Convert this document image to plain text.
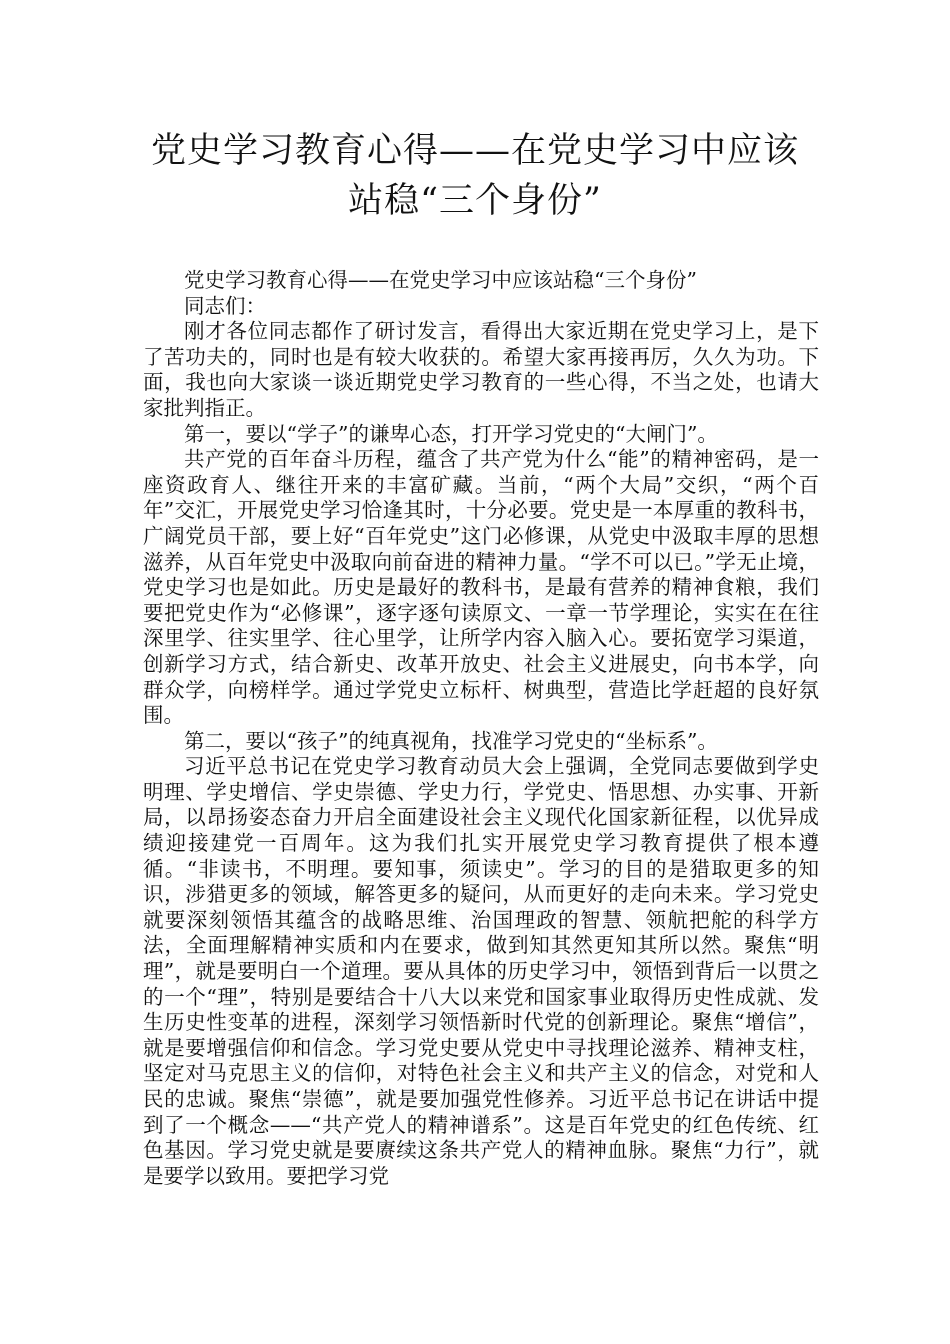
党史学习教育心得——在党史学习中应该
站稳“三个身份”

党史学习教育心得——在党史学习中应该站稳“三个身份”

同志们：

刚才各位同志都作了研讨发言，看得出大家近期在党史学习上，是下了苦功夫的，同时也是有较大收获的。希望大家再接再厉，久久为功。下面，我也向大家谈一谈近期党史学习教育的一些心得，不当之处，也请大家批判指正。

第一，要以“学子”的谦卑心态，打开学习党史的“大闸门”。

共产党的百年奋斗历程，蕴含了共产党为什么“能”的精神密码，是一座资政育人、继往开来的丰富矿藏。当前，“两个大局”交织，“两个百年”交汇，开展党史学习恰逢其时，十分必要。党史是一本厚重的教科书，广阔党员干部，要上好“百年党史”这门必修课，从党史中汲取丰厚的思想滋养，从百年党史中汲取向前奋进的精神力量。“学不可以已。”学无止境，党史学习也是如此。历史是最好的教科书，是最有营养的精神食粮，我们要把党史作为“必修课”，逐字逐句读原文、一章一节学理论，实实在在往深里学、往实里学、往心里学，让所学内容入脑入心。要拓宽学习渠道，创新学习方式，结合新史、改革开放史、社会主义进展史，向书本学，向群众学，向榜样学。通过学党史立标杆、树典型，营造比学赶超的良好氛围。

第二，要以“孩子”的纯真视角，找准学习党史的“坐标系”。

习近平总书记在党史学习教育动员大会上强调，全党同志要做到学史明理、学史增信、学史崇德、学史力行，学党史、悟思想、办实事、开新局，以昂扬姿态奋力开启全面建设社会主义现代化国家新征程，以优异成绩迎接建党一百周年。这为我们扎实开展党史学习教育提供了根本遵循。“非读书，不明理。要知事，须读史”。学习的目的是猎取更多的知识，涉猎更多的领域，解答更多的疑问，从而更好的走向未来。学习党史就要深刻领悟其蕴含的战略思维、治国理政的智慧、领航把舵的科学方法，全面理解精神实质和内在要求，做到知其然更知其所以然。聚焦“明理”，就是要明白一个道理。要从具体的历史学习中，领悟到背后一以贯之的一个“理”，特别是要结合十八大以来党和国家事业取得历史性成就、发生历史性变革的进程，深刻学习领悟新时代党的创新理论。聚焦“增信”，就是要增强信仰和信念。学习党史要从党史中寻找理论滋养、精神支柱，坚定对马克思主义的信仰，对特色社会主义和共产主义的信念，对党和人民的忠诚。聚焦“崇德”，就是要加强党性修养。习近平总书记在讲话中提到了一个概念——“共产党人的精神谱系”。这是百年党史的红色传统、红色基因。学习党史就是要赓续这条共产党人的精神血脉。聚焦“力行”，就是要学以致用。要把学习党
